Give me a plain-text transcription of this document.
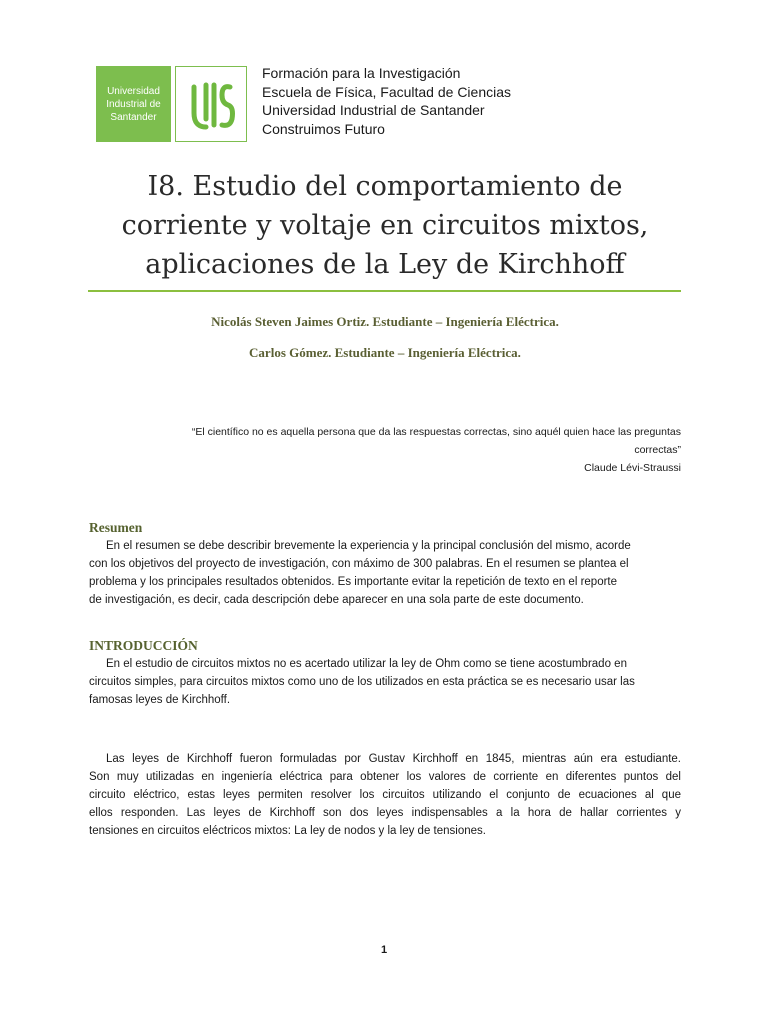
Universidad
Industrial de
Santander
Formación para la Investigación
Escuela de Física, Facultad de Ciencias
Universidad Industrial de Santander
Construimos Futuro
I8. Estudio del comportamiento de
corriente y voltaje en circuitos mixtos,
aplicaciones de la Ley de Kirchhoff
Nicolás Steven Jaimes Ortiz. Estudiante – Ingeniería Eléctrica.
Carlos Gómez. Estudiante – Ingeniería Eléctrica.
“El científico no es aquella persona que da las respuestas correctas, sino aquél quien hace las preguntas
correctas”
Claude Lévi-Straussi
Resumen
En el resumen se debe describir brevemente la experiencia y la principal conclusión del mismo, acorde
con los objetivos del proyecto de investigación, con máximo de 300 palabras. En el resumen se plantea el
problema y los principales resultados obtenidos. Es importante evitar la repetición de texto en el reporte
de investigación, es decir, cada descripción debe aparecer en una sola parte de este documento.
INTRODUCCIÓN
En el estudio de circuitos mixtos no es acertado utilizar la ley de Ohm como se tiene acostumbrado en
circuitos simples, para circuitos mixtos como uno de los utilizados en esta práctica se es necesario usar las
famosas leyes de Kirchhoff.
Las leyes de Kirchhoff fueron formuladas por Gustav Kirchhoff en 1845, mientras aún era estudiante.
Son muy utilizadas en ingeniería eléctrica para obtener los valores de corriente en diferentes puntos del
circuito eléctrico, estas leyes permiten resolver los circuitos utilizando el conjunto de ecuaciones al que
ellos responden. Las leyes de Kirchhoff son dos leyes indispensables a la hora de hallar corrientes y
tensiones en circuitos eléctricos mixtos: La ley de nodos y la ley de tensiones.
1
